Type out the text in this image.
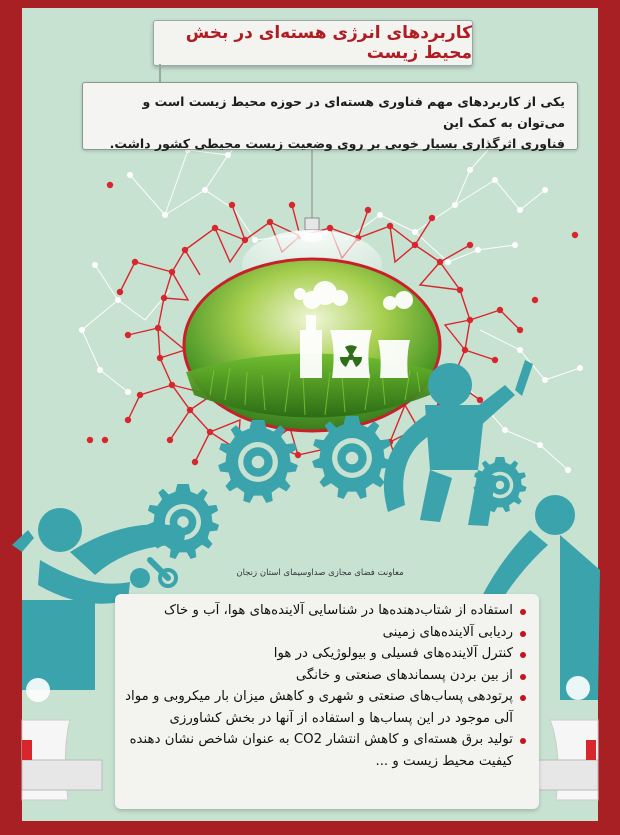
کاربردهای انرژی هسته‌ای در بخش محیط زیست

یکی از کاربردهای مهم فناوری هسته‌ای در حوزه محیط زیست است و می‌توان به کمک این

فناوری اثرگذاری بسیار خوبی بر روی وضعیت زیست محیطی کشور داشت.

معاونت فضای مجازی صداوسیمای استان زنجان
استفاده از شتاب‌دهنده‌ها در شناسایی آلاینده‌های هوا، آب و خاک
ردیابی آلاینده‌های زمینی
کنترل آلاینده‌های فسیلی و بیولوژیکی در هوا
از بین بردن پسماندهای صنعتی و خانگی
پرتودهی پساب‌های صنعتی و شهری و کاهش میزان بار میکروبی و مواد آلی موجود در این پساب‌ها و استفاده از آنها در بخش کشاورزی
تولید برق هسته‌ای و کاهش انتشار CO2 به عنوان شاخص نشان دهنده کیفیت محیط زیست و ...
